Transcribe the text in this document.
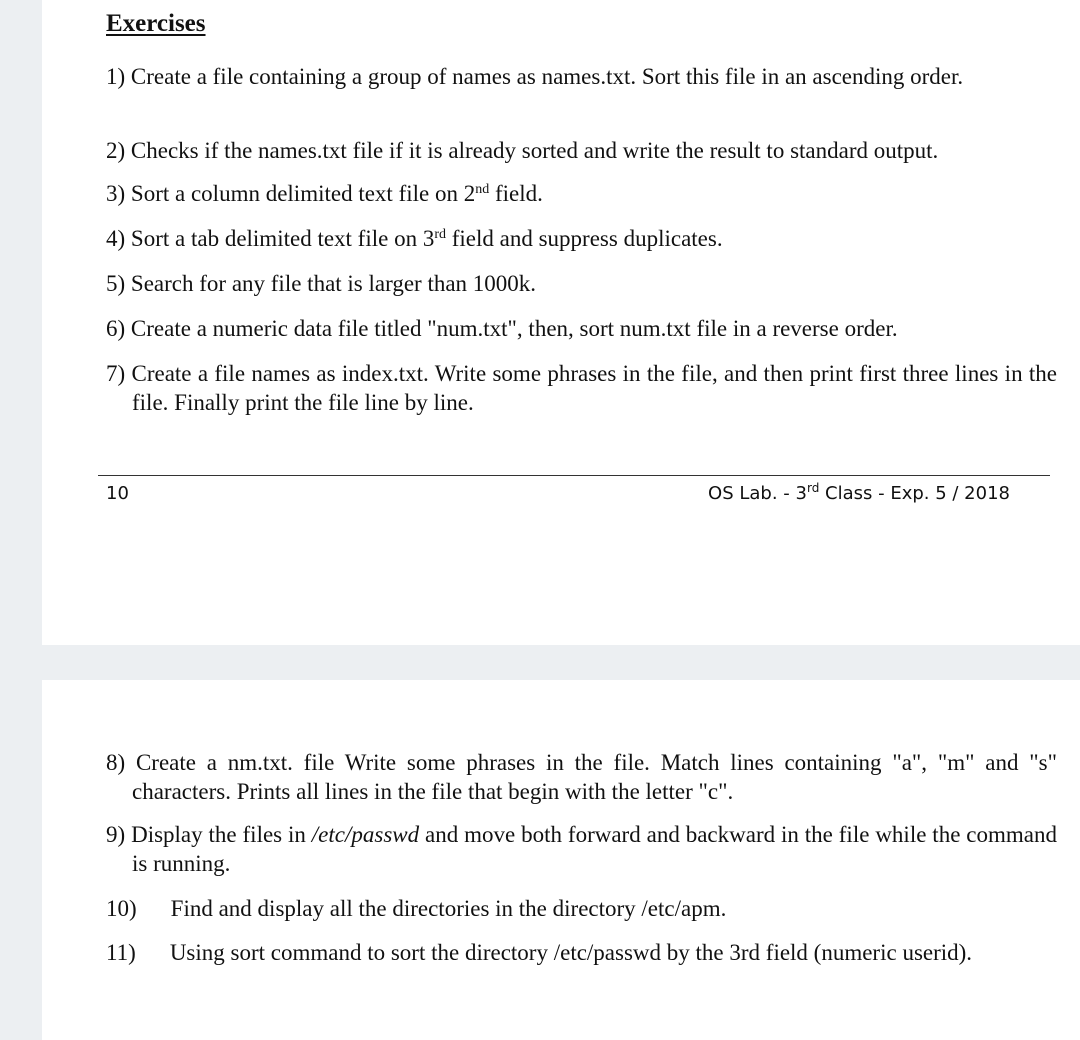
Exercises

1) Create a file containing a group of names as names.txt. Sort this file in an ascending order.

2) Checks if the names.txt file if it is already sorted and write the result to standard output.

3) Sort a column delimited text file on 2nd field.

4) Sort a tab delimited text file on 3rd field and suppress duplicates.

5) Search for any file that is larger than 1000k.

6) Create a numeric data file titled "num.txt", then, sort num.txt file in a reverse order.

7) Create a file names as index.txt. Write some phrases in the file, and then print first three lines in the file. Finally print the file line by line.

10	OS Lab. - 3rd Class - Exp. 5 / 2018

8) Create a nm.txt. file Write some phrases in the file. Match lines containing "a", "m" and "s" characters. Prints all lines in the file that begin with the letter "c".

9) Display the files in /etc/passwd and move both forward and backward in the file while the command is running.

10) Find and display all the directories in the directory /etc/apm.

11) Using sort command to sort the directory /etc/passwd by the 3rd field (numeric userid).
